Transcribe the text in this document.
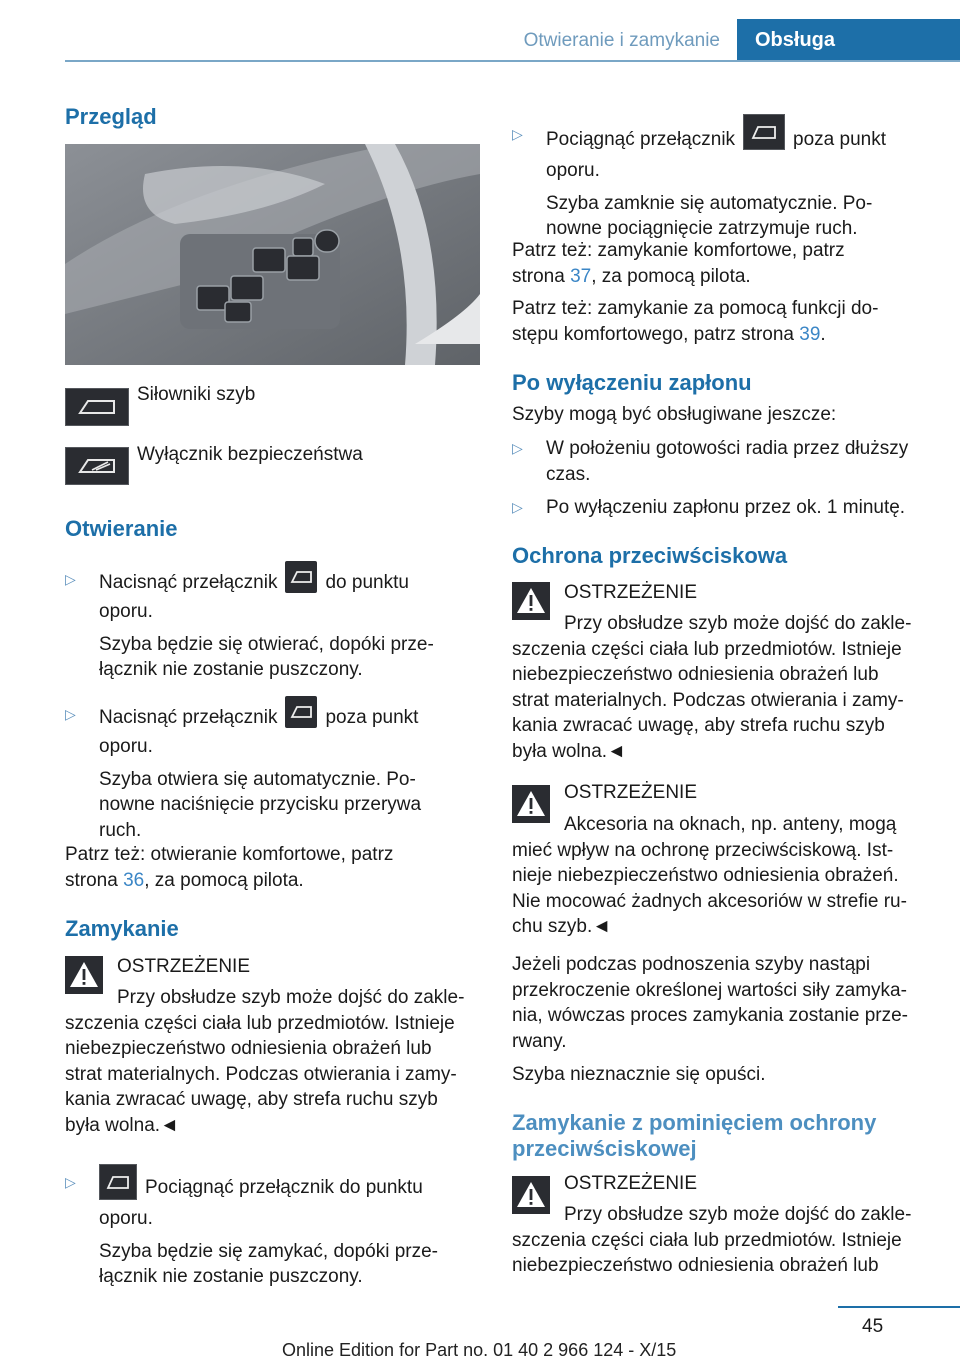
Otwieranie i zamykanie	Obsługa
Przegląd

Siłowniki szyb

Wyłącznik bezpieczeństwa

Otwieranie
▷ Nacisnąć przełącznik	do punktu
oporu.
Szyba będzie się otwierać, dopóki prze‐
łącznik nie zostanie puszczony.
▷ Nacisnąć przełącznik	poza punkt
oporu.
Szyba otwiera się automatycznie. Po‐
nowne naciśnięcie przycisku przerywa
ruch.

Patrz też: otwieranie komfortowe, patrz
strona 36, za pomocą pilota.

Zamykanie
OSTRZEŻENIE
Przy obsłudze szyb może dojść do zakle‐
szczenia części ciała lub przedmiotów. Istnieje
niebezpieczeństwo odniesienia obrażeń lub
strat materialnych. Podczas otwierania i zamy‐
kania zwracać uwagę, aby strefa ruchu szyb
była wolna.◄
▷	Pociągnąć przełącznik do punktu
oporu.
Szyba będzie się zamykać, dopóki prze‐
łącznik nie zostanie puszczony.
▷ Pociągnąć przełącznik	poza punkt
oporu.
Szyba zamknie się automatycznie. Po‐
nowne pociągnięcie zatrzymuje ruch.

Patrz też: zamykanie komfortowe, patrz
strona 37, za pomocą pilota.

Patrz też: zamykanie za pomocą funkcji do‐
stępu komfortowego, patrz strona 39.

Po wyłączeniu zapłonu

Szyby mogą być obsługiwane jeszcze:

▷ W położeniu gotowości radia przez dłuższy
czas.
▷ Po wyłączeniu zapłonu przez ok. 1 minutę.
Ochrona przeciwściskowa
OSTRZEŻENIE
Przy obsłudze szyb może dojść do zakle‐
szczenia części ciała lub przedmiotów. Istnieje
niebezpieczeństwo odniesienia obrażeń lub
strat materialnych. Podczas otwierania i zamy‐
kania zwracać uwagę, aby strefa ruchu szyb
była wolna.◄
OSTRZEŻENIE
Akcesoria na oknach, np. anteny, mogą
mieć wpływ na ochronę przeciwściskową. Ist‐
nieje niebezpieczeństwo odniesienia obrażeń.
Nie mocować żadnych akcesoriów w strefie ru‐
chu szyb.◄
Jeżeli podczas podnoszenia szyby nastąpi
przekroczenie określonej wartości siły zamyka‐
nia, wówczas proces zamykania zostanie prze‐
rwany.
Szyba nieznacznie się opuści.
Zamykanie z pominięciem ochrony
przeciwściskowej
OSTRZEŻENIE
Przy obsłudze szyb może dojść do zakle‐
szczenia części ciała lub przedmiotów. Istnieje
niebezpieczeństwo odniesienia obrażeń lub
45
Online Edition for Part no. 01 40 2 966 124 - X/15
